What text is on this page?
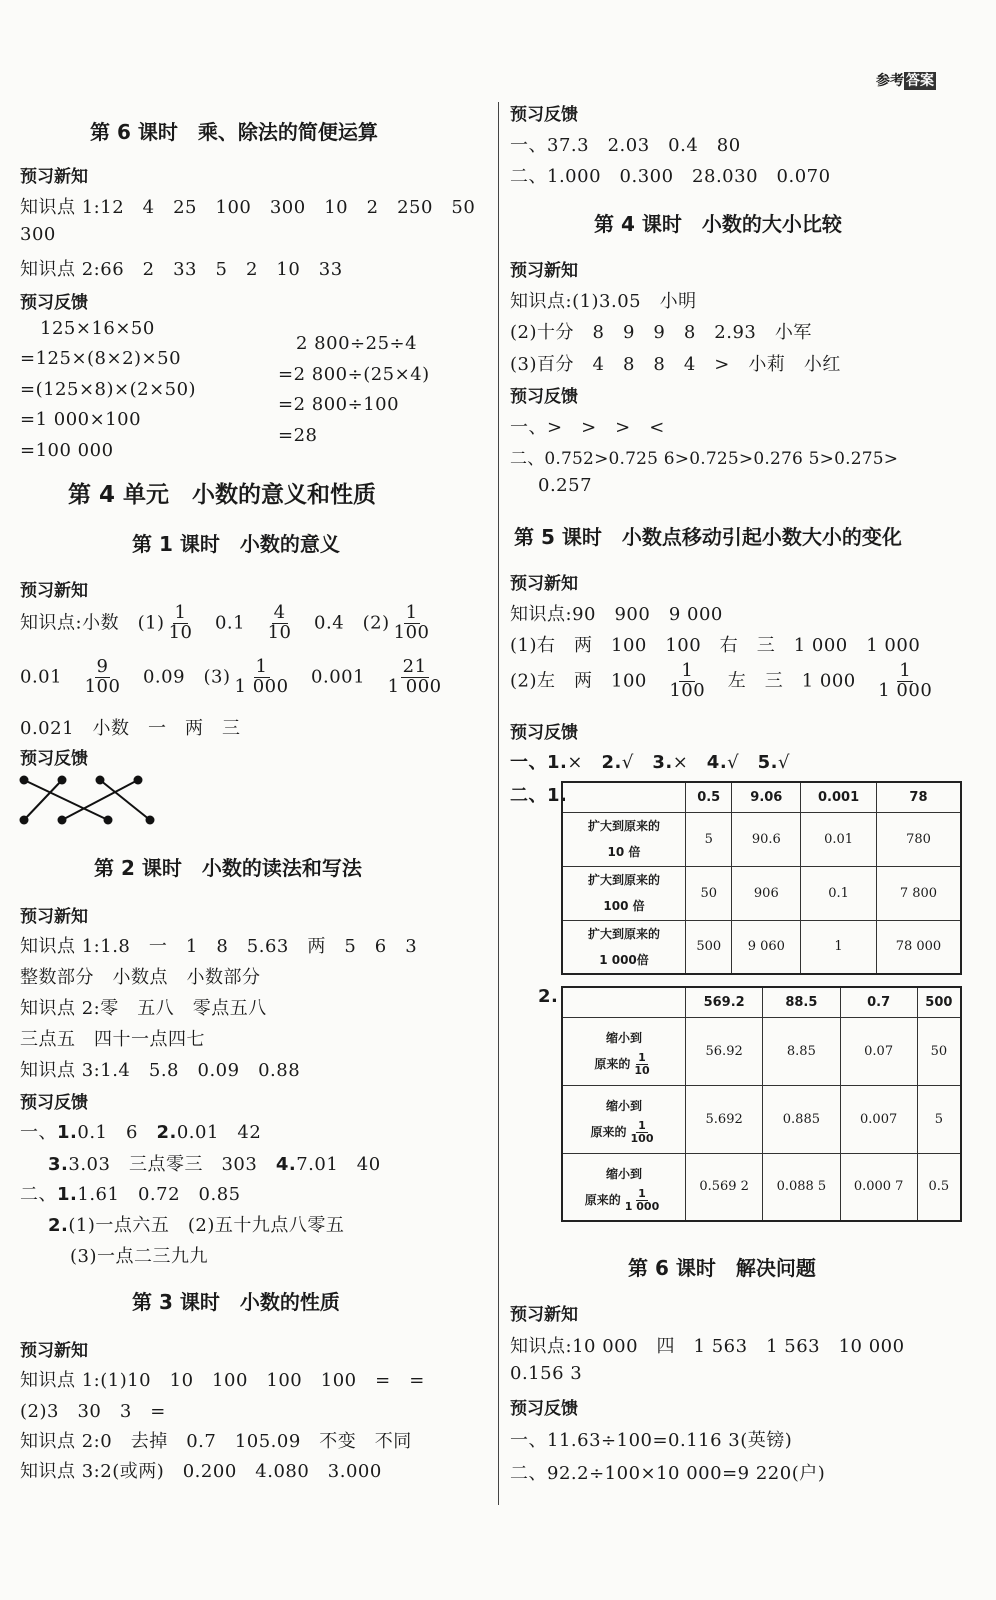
参考 答案
第 6 课时　乘、除法的简便运算
预习新知
知识点 1:12　4　25　100　300　10　2　250　50
300
知识点 2:66　2　33　5　2　10　33
预习反馈
125×16×50
=125×(8×2)×50
=(125×8)×(2×50)
=1 000×100
=100 000
2 800÷25÷4
=2 800÷(25×4)
=2 800÷100
=28
第 4 单元　小数的意义和性质
第 1 课时　小数的意义
预习新知
知识点:小数　$(1) \frac{1}{10}$
　 0.1　 $\frac{4}{10}$
　 0.4　$(2) \frac{1}{100}$
0.01　 $\frac{9}{100}$
　 0.09　$(3) \frac{1}{1 000}$
　 0.001　 $\frac{21}{1 000}$
0.021　小数　一　两　三
预习反馈
第 2 课时　小数的读法和写法
预习新知
知识点 1:1.8　一　1　8　5.63　两　5　6　3
整数部分　小数点　小数部分
知识点 2:零　五八　零点五八
三点五　四十一点四七
知识点 3:1.4　5.8　0.09　0.88
预习反馈
一、1.0.1　6　2.0.01　42
3.3.03　三点零三　303　4.7.01　40
二、1.1.61　0.72　0.85
2.(1)一点六五　(2)五十九点八零五
(3)一点二三九九
第 3 课时　小数的性质
预习新知
知识点 1:(1)10　10　100　100　100　=　=
(2)3　30　3　=
知识点 2:0　去掉　0.7　105.09　不变　不同
知识点 3:2(或两)　0.200　4.080　3.000
预习反馈
一、37.3　2.03　0.4　80
二、1.000　0.300　28.030　0.070
第 4 课时　小数的大小比较
预习新知
知识点:(1)3.05　小明
(2)十分　8　9　9　8　2.93　小军
(3)百分　4　8　8　4　>　小莉　小红
预习反馈
一、>　>　>　<
二、0.752>0.725 6>0.725>0.276 5>0.275>
0.257
第 5 课时　小数点移动引起小数大小的变化
预习新知
知识点:90　900　9 000
(1)右　两　100　100　右　三　1 000　1 000
(2)左　两　100　 $\frac{1}{100}$
　 左　三　1 000　 $\frac{1}{1 000}$
预习反馈
一、1.×　 2.√　 3.×　 4.√　 5.√
二、1.
		0.5	9.06	0.001	78
扩大到原来的
10 倍	5	90.6	0.01	780
扩大到原来的
100 倍	50	906	0.1	7 800
扩大到原来的
1 000倍	500	9 060	1	78 000
2.
		569.2	88.5	0.7	500
缩小到
原来的 $\frac{1}{10}$	56.92	8.85	0.07	50
缩小到
原来的 $\frac{1}{100}$	5.692	0.885	0.007	5
缩小到
原来的 $\frac{1}{1 000}$	0.569 2	0.088 5	0.000 7	0.5
第 6 课时　解决问题
预习新知
知识点:10 000　四　1 563　1 563　10 000
0.156 3
预习反馈
一、11.63÷100=0.116 3(英镑)
二、92.2÷100×10 000=9 220(户)
